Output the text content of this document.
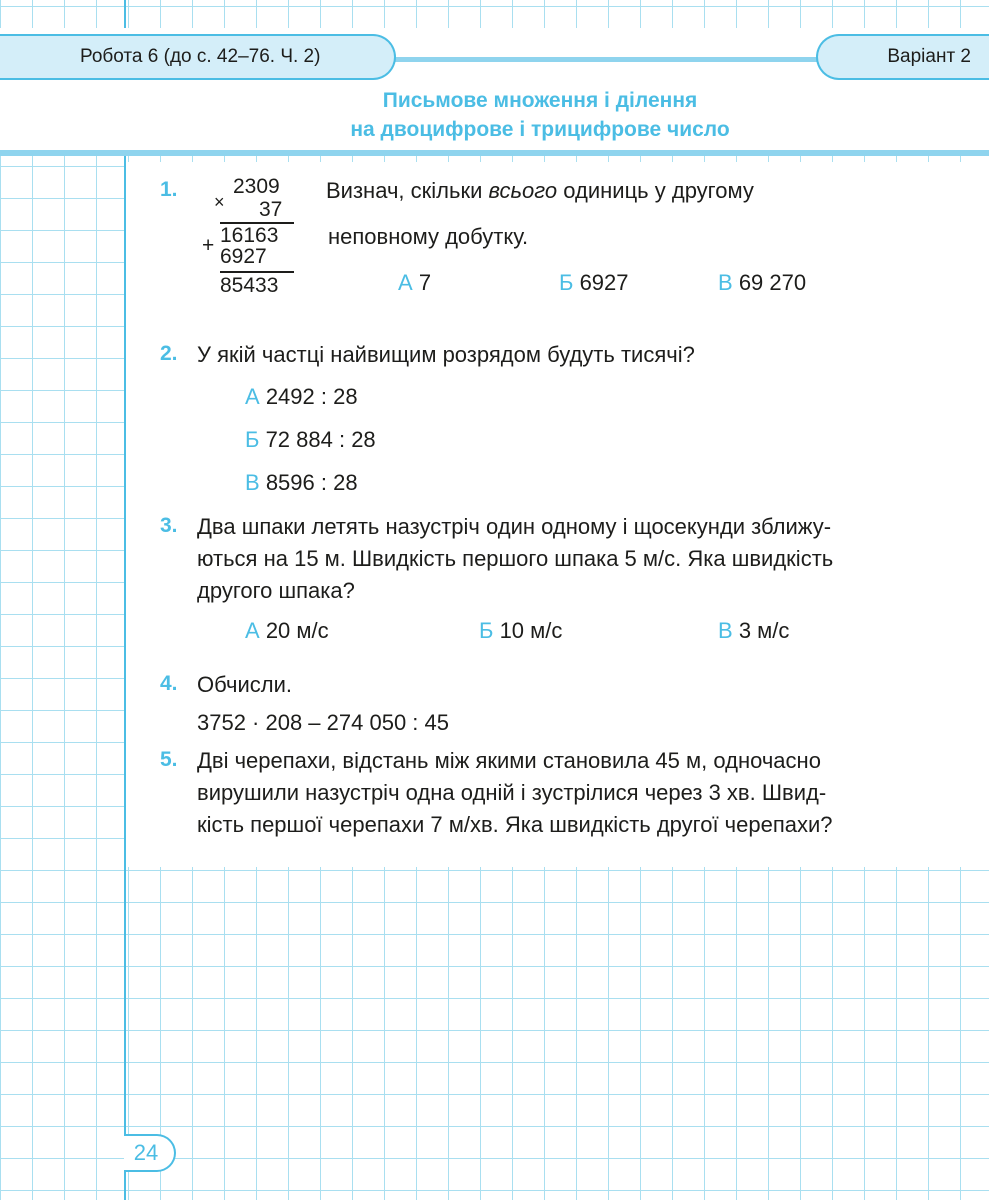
Робота 6 (до с. 42–76. Ч. 2)	Варіант 2
Письмове множення і ділення
на двоцифрове і трицифрове число
1.
×
2309
37
16163
+ 6927
85433
Визнач, скільки всього одиниць у другому
неповному добутку.
А 7	Б 6927	В 69 270
2. У якій частці найвищим розрядом будуть тисячі?
А 2492 : 28
Б 72 884 : 28
В 8596 : 28
3. Два шпаки летять назустріч один одному і щосекунди зближу-
ються на 15 м. Швидкість першого шпака 5 м/с. Яка швидкість
другого шпака?
А 20 м/с	Б 10 м/с	В 3 м/с
4. Обчисли.
3752 · 208 – 274 050 : 45
5. Дві черепахи, відстань між якими становила 45 м, одночасно
вирушили назустріч одна одній і зустрілися через 3 хв. Швид-
кість першої черепахи 7 м/хв. Яка швидкість другої черепахи?
24
